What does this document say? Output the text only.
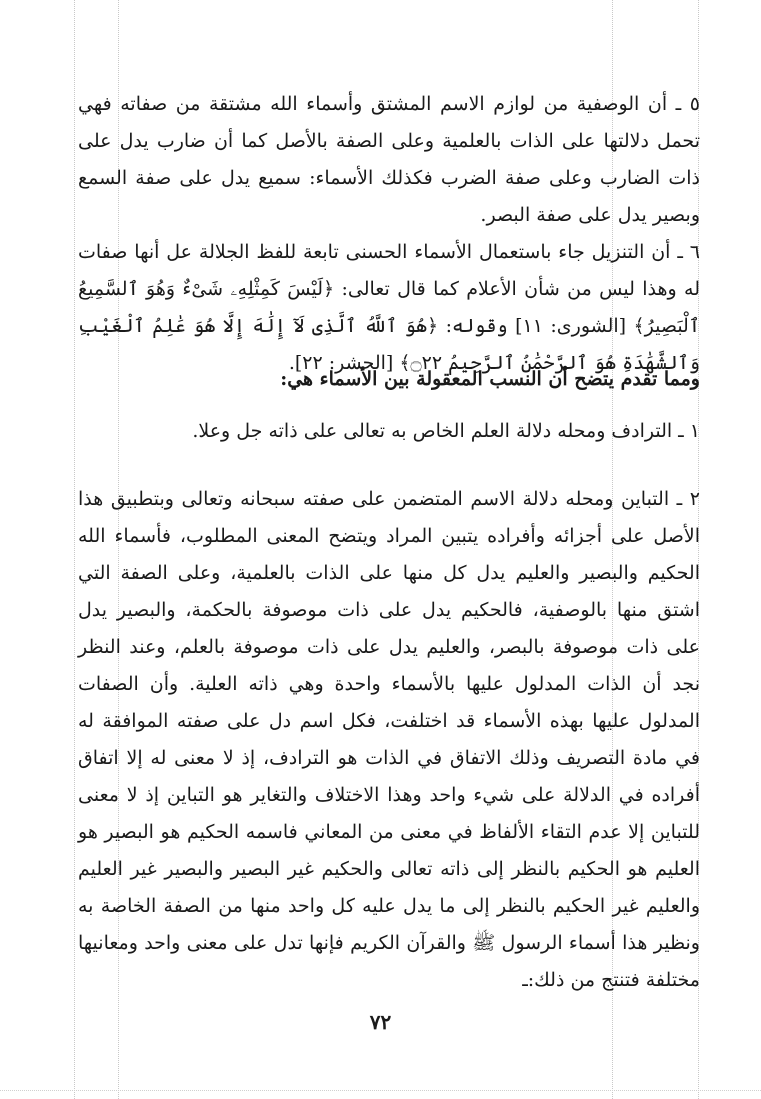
٥ ـ أن الوصفية من لوازم الاسم المشتق وأسماء الله مشتقة من صفاته فهي تحمل دلالتها على الذات بالعلمية وعلى الصفة بالأصل كما أن ضارب يدل على ذات الضارب وعلى صفة الضرب فكذلك الأسماء: سميع يدل على صفة السمع وبصير يدل على صفة البصر.

٦ ـ أن التنزيل جاء باستعمال الأسماء الحسنى تابعة للفظ الجلالة عل أنها صفات له وهذا ليس من شأن الأعلام كما قال تعالى: ﴿لَيْسَ كَمِثْلِهِۦ شَىْءٌ وَهُوَ ٱلسَّمِيعُ ٱلْبَصِيرُ﴾ [الشورى: ١١] وقوله: ﴿هُوَ ٱللَّهُ ٱلَّذِى لَآ إِلَٰهَ إِلَّا هُوَ عَٰلِمُ ٱلْغَيْبِ وَٱلشَّهَٰدَةِ هُوَ ٱلرَّحْمَٰنُ ٱلرَّحِيمُ ۝٢٢﴾ [الحشر: ٢٢].

ومما تقدم يتضح أن النسب المعقولة بين الأسماء هي:

١ ـ الترادف ومحله دلالة العلم الخاص به تعالى على ذاته جل وعلا.

٢ ـ التباين ومحله دلالة الاسم المتضمن على صفته سبحانه وتعالى وبتطبيق هذا الأصل على أجزائه وأفراده يتبين المراد ويتضح المعنى المطلوب، فأسماء الله الحكيم والبصير والعليم يدل كل منها على الذات بالعلمية، وعلى الصفة التي اشتق منها بالوصفية، فالحكيم يدل على ذات موصوفة بالحكمة، والبصير يدل على ذات موصوفة بالبصر، والعليم يدل على ذات موصوفة بالعلم، وعند النظر نجد أن الذات المدلول عليها بالأسماء واحدة وهي ذاته العلية. وأن الصفات المدلول عليها بهذه الأسماء قد اختلفت، فكل اسم دل على صفته الموافقة له في مادة التصريف وذلك الاتفاق في الذات هو الترادف، إذ لا معنى له إلا اتفاق أفراده في الدلالة على شيء واحد وهذا الاختلاف والتغاير هو التباين إذ لا معنى للتباين إلا عدم التقاء الألفاظ في معنى من المعاني فاسمه الحكيم هو البصير هو العليم هو الحكيم بالنظر إلى ذاته تعالى والحكيم غير البصير والبصير غير العليم والعليم غير الحكيم بالنظر إلى ما يدل عليه كل واحد منها من الصفة الخاصة به ونظير هذا أسماء الرسول ﷺ والقرآن الكريم فإنها تدل على معنى واحد ومعانيها مختلفة فتنتج من ذلك:ـ

٧٢
